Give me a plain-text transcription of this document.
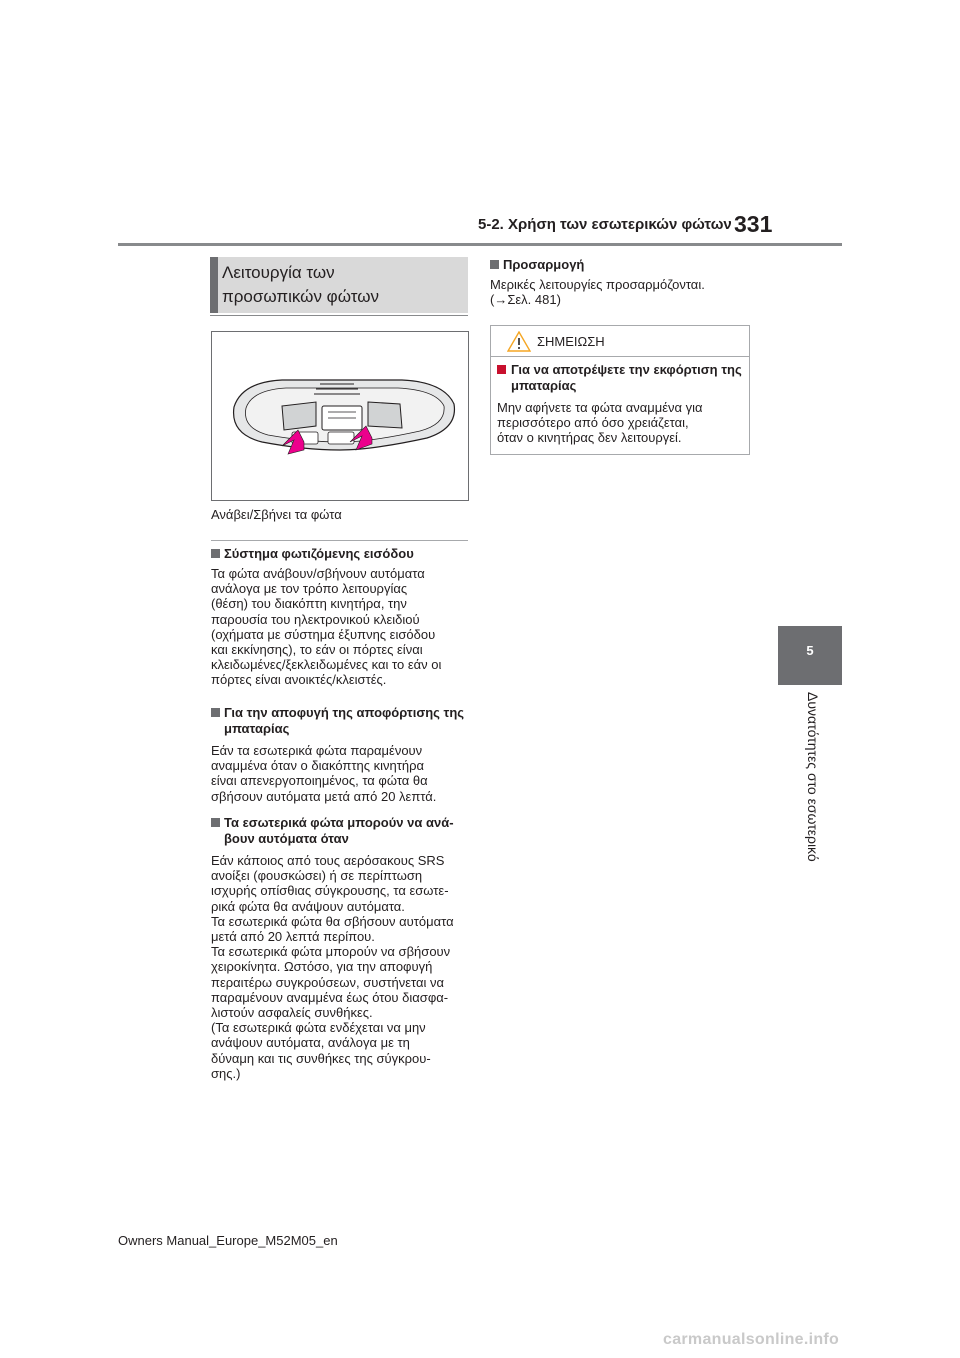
5-2. Χρήση των εσωτερικών φώτων 331
Λειτουργία των
προσωπικών φώτων
Ανάβει/Σβήνει τα φώτα
Σύστημα φωτιζόμενης εισόδου
Τα φώτα ανάβουν/σβήνουν αυτόματα
ανάλογα με τον τρόπο λειτουργίας
(θέση) του διακόπτη κινητήρα, την
παρουσία του ηλεκτρονικού κλειδιού
(οχήματα με σύστημα έξυπνης εισόδου
και εκκίνησης), το εάν οι πόρτες είναι
κλειδωμένες/ξεκλειδωμένες και το εάν οι
πόρτες είναι ανοικτές/κλειστές.
Για την αποφυγή της αποφόρτισης της μπαταρίας
Εάν τα εσωτερικά φώτα παραμένουν
αναμμένα όταν ο διακόπτης κινητήρα
είναι απενεργοποιημένος, τα φώτα θα
σβήσουν αυτόματα μετά από 20 λεπτά.
Τα εσωτερικά φώτα μπορούν να ανά-βουν αυτόματα όταν
Εάν κάποιος από τους αερόσακους SRS
ανοίξει (φουσκώσει) ή σε περίπτωση
ισχυρής οπίσθιας σύγκρουσης, τα εσωτε-
ρικά φώτα θα ανάψουν αυτόματα.
Τα εσωτερικά φώτα θα σβήσουν αυτόματα
μετά από 20 λεπτά περίπου.
Τα εσωτερικά φώτα μπορούν να σβήσουν
χειροκίνητα. Ωστόσο, για την αποφυγή
περαιτέρω συγκρούσεων, συστήνεται να
παραμένουν αναμμένα έως ότου διασφα-
λιστούν ασφαλείς συνθήκες.
(Τα εσωτερικά φώτα ενδέχεται να μην
ανάψουν αυτόματα, ανάλογα με τη
δύναμη και τις συνθήκες της σύγκρου-
σης.)
Προσαρμογή
Μερικές λειτουργίες προσαρμόζονται.
(→Σελ. 481)
ΣΗΜΕΙΩΣΗ
Για να αποτρέψετε την εκφόρτιση της μπαταρίας
Μην αφήνετε τα φώτα αναμμένα για
περισσότερο από όσο χρειάζεται,
όταν ο κινητήρας δεν λειτουργεί.
5
Δυνατότητες στο εσωτερικό
Owners Manual_Europe_M52M05_en
carmanualsonline.info
